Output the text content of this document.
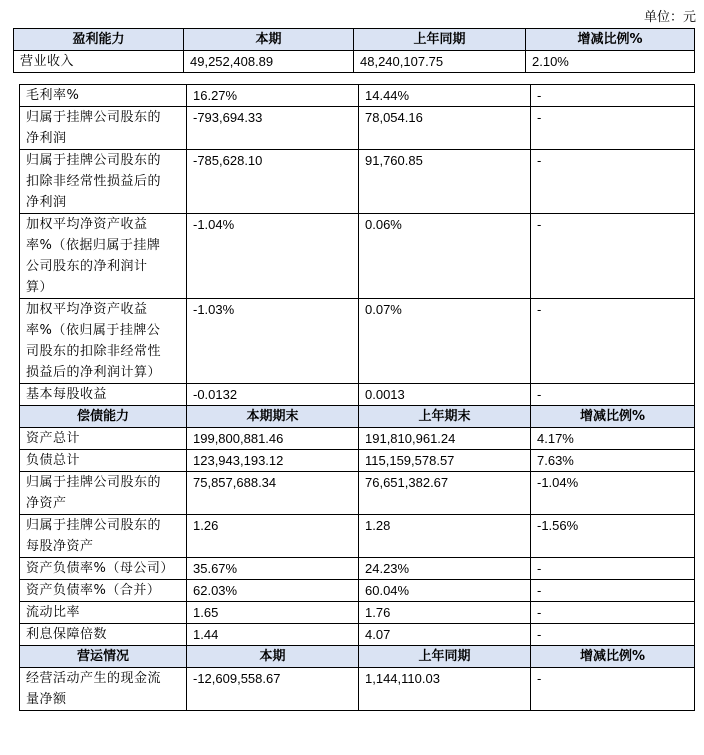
单位：元
盈利能力	本期	上年同期	增减比例%
营业收入	49,252,408.89	48,240,107.75	2.10%
毛利率%	16.27%	14.44%	-

归属于挂牌公司股东的
净利润	-793,694.33	78,054.16	-

归属于挂牌公司股东的
扣除非经常性损益后的
净利润	-785,628.10	91,760.85	-

加权平均净资产收益
率%（依据归属于挂牌
公司股东的净利润计
算）	-1.04%	0.06%	-

加权平均净资产收益
率%（依归属于挂牌公
司股东的扣除非经常性
损益后的净利润计算）	-1.03%	0.07%	-

基本每股收益	-0.0132	0.0013	-
偿债能力	本期期末	上年期末	增减比例%

资产总计	199,800,881.46	191,810,961.24	4.17%

负债总计	123,943,193.12	115,159,578.57	7.63%

归属于挂牌公司股东的
净资产	75,857,688.34	76,651,382.67	-1.04%

归属于挂牌公司股东的
每股净资产	1.26	1.28	-1.56%

资产负债率%（母公司）	35.67%	24.23%	-

资产负债率%（合并）	62.03%	60.04%	-

流动比率	1.65	1.76	-

利息保障倍数	1.44	4.07	-
营运情况	本期	上年同期	增减比例%

经营活动产生的现金流
量净额	-12,609,558.67	1,144,110.03	-
